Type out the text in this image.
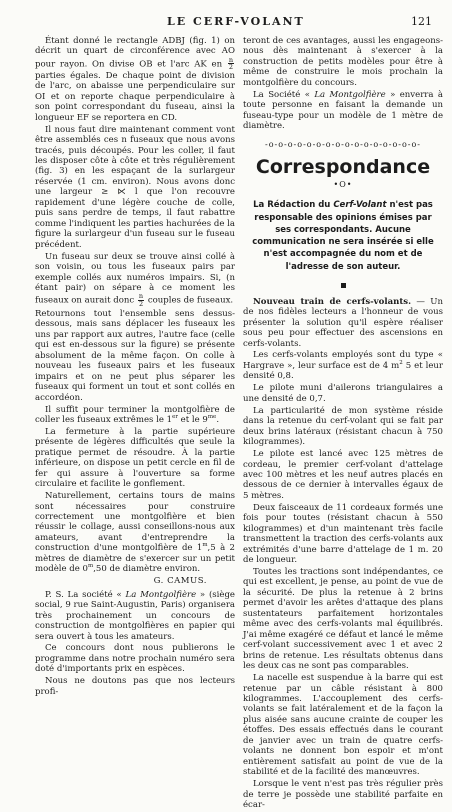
LE CERF-VOLANT	121

Étant donné le rectangle ADBJ (fig. 1) on décrit un quart de circonférence avec AO pour rayon. On divise OB et l'arc AK en $\frac{n}{2}$
parties égales. De chaque point de division de l'arc, on abaisse une perpendiculaire sur OI et on reporte chaque perpendiculaire à son point correspondant du fuseau, ainsi la longueur EF se reportera en CD.

Il nous faut dire maintenant comment vont être assemblés ces n fuseaux que nous avons tracés, puis découpés. Pour les coller, il faut les disposer côte à côte et très régulièrement (fig. 3) en les espaçant de la surlargeur réservée (1 cm. environ). Nous avons donc une largeur ≥ ⋉ l que l'on recouvre rapidement d'une légère couche de colle, puis sans perdre de temps, il faut rabattre comme l'indiquent les parties hachurées de la figure la surlargeur d'un fuseau sur le fuseau précédent.

Un fuseau sur deux se trouve ainsi collé à son voisin, ou tous les fuseaux pairs par exemple collés aux numéros impairs. Si, (n étant pair) on sépare à ce moment les fuseaux on aurait donc $\frac{n}{2}$ couples de fuseaux.

Retournons tout l'ensemble sens dessus-dessous, mais sans déplacer les fuseaux les uns par rapport aux autres, l'autre face (celle qui est en-dessous sur la figure) se présente absolument de la même façon. On colle à nouveau les fuseaux pairs et les fuseaux impairs et on ne peut plus séparer les fuseaux qui forment un tout et sont collés en accordéon.

Il suffit pour terminer la montgolfière de coller les fuseaux extrêmes le 1er et le $9^{me}$.

La fermeture à la partie supérieure présente de légères difficultés que seule la pratique permet de résoudre. À la partie inférieure, on dispose un petit cercle en fil de fer qui assure à l'ouverture sa forme circulaire et facilite le gonflement.

Naturellement, certains tours de mains sont nécessaires pour construire correctement une montgolfière et bien réussir le collage, aussi conseillons-nous aux amateurs, avant d'entreprendre la construction d'une montgolfière de 1$^m$,5 à 2 mètres de diamètre de s'exercer sur un petit modèle de 0$^m$,50 de diamètre environ.

G. CAMUS.

P. S. La société « La Montgolfière » (siège social, 9 rue Saint-Augustin, Paris) organisera très prochainement un concours de construction de montgolfières en papier qui sera ouvert à tous les amateurs.

Ce concours dont nous publierons le programme dans notre prochain numéro sera doté d'importants prix en espèces.

Nous ne doutons pas que nos lecteurs profi-

teront de ces avantages, aussi les engageons-nous dès maintenant à s'exercer à la construction de petits modèles pour être à même de construire le mois prochain la montgolfière du concours.

La Société « La Montgolfière » enverra à toute personne en faisant la demande un fuseau-type pour un modèle de 1 mètre de diamètre.

-o-o-o-o-o-o-o-o-o-o-o-o-o-o-o-o-
Correspondance
•O•
La Rédaction du Cerf-Volant n'est pas responsable des opinions émises par ses correspondants. Aucune communication ne sera insérée si elle n'est accompagnée du nom et de l'adresse de son auteur.

Nouveau train de cerfs-volants. — Un de nos fidèles lecteurs a l'honneur de vous présenter la solution qu'il espère réaliser sous peu pour effectuer des ascensions en cerfs-volants.

Les cerfs-volants employés sont du type « Hargrave », leur surface est de 4 $m^2$ 5 et leur densité 0,8.

Le pilote muni d'ailerons triangulaires a une densité de 0,7.

La particularité de mon système réside dans la retenue du cerf-volant qui se fait par deux brins latéraux (résistant chacun à 750 kilogrammes).

Le pilote est lancé avec 125 mètres de cordeau, le premier cerf-volant d'attelage avec 100 mètres et les neuf autres placés en dessous de ce dernier à intervalles égaux de 5 mètres.

Deux faisceaux de 11 cordeaux formés une fois pour toutes (résistant chacun à 550 kilogrammes) et d'un maintenant très facile transmettent la traction des cerfs-volants aux extrémités d'une barre d'attelage de 1 m. 20 de longueur.

Toutes les tractions sont indépendantes, ce qui est excellent, je pense, au point de vue de la sécurité. De plus la retenue à 2 brins permet d'avoir les arêtes d'attaque des plans sustentateurs parfaitement horizontales même avec des cerfs-volants mal équilibrés. J'ai même exagéré ce défaut et lancé le même cerf-volant successivement avec 1 et avec 2 brins de retenue. Les résultats obtenus dans les deux cas ne sont pas comparables.

La nacelle est suspendue à la barre qui est retenue par un câble résistant à 800 kilogrammes. L'accouplement des cerfs-volants se fait latéralement et de la façon la plus aisée sans aucune crainte de couper les étoffes. Des essais effectués dans le courant de janvier avec un train de quatre cerfs-volants ne donnent bon espoir et m'ont entièrement satisfait au point de vue de la stabilité et de la facilité des manœuvres.

Lorsque le vent n'est pas très régulier près de terre je possède une stabilité parfaite en écar-
